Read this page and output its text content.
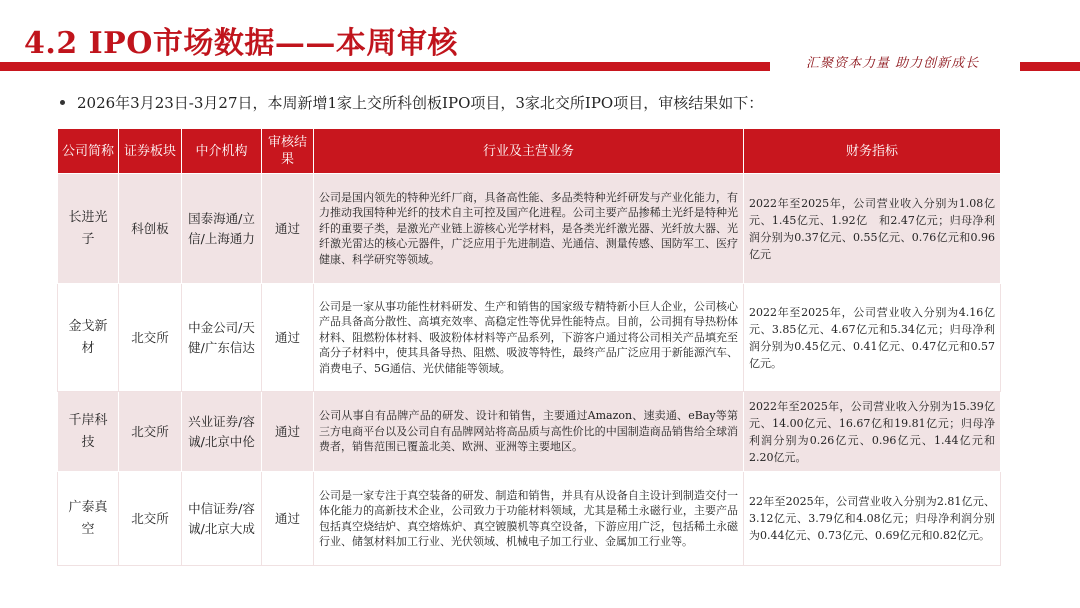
4.2 IPO市场数据——本周审核
汇聚资本力量 助力创新成长
2026年3月23日-3月27日，本周新增1家上交所科创板IPO项目，3家北交所IPO项目，审核结果如下：
公司简称	证券板块	中介机构	审核结果	行业及主营业务	财务指标
长进光子	科创板	国泰海通/立信/上海通力	通过	公司是国内领先的特种光纤厂商，具备高性能、多品类特种光纤研发与产业化能力，有力推动我国特种光纤的技术自主可控及国产化进程。公司主要产品掺稀土光纤是特种光纤的重要子类，是激光产业链上游核心光学材料，是各类光纤激光器、光纤放大器、光纤激光雷达的核心元器件，广泛应用于先进制造、光通信、测量传感、国防军工、医疗健康、科学研究等领域。	2022年至2025年，公司营业收入分别为1.08亿元、1.45亿元、1.92亿　和2.47亿元；归母净利润分别为0.37亿元、0.55亿元、0.76亿元和0.96亿元
金戈新材	北交所	中金公司/天健/广东信达	通过	公司是一家从事功能性材料研发、生产和销售的国家级专精特新小巨人企业，公司核心产品具备高分散性、高填充效率、高稳定性等优异性能特点。目前，公司拥有导热粉体材料、阻燃粉体材料、吸波粉体材料等产品系列，下游客户通过将公司相关产品填充至高分子材料中，使其具备导热、阻燃、吸波等特性，最终产品广泛应用于新能源汽车、消费电子、5G通信、光伏储能等领域。	2022年至2025年，公司营业收入分别为4.16亿元、3.85亿元、4.67亿元和5.34亿元；归母净利润分别为0.45亿元、0.41亿元、0.47亿元和0.57亿元。
千岸科技	北交所	兴业证券/容诚/北京中伦	通过	公司从事自有品牌产品的研发、设计和销售，主要通过Amazon、速卖通、eBay等第三方电商平台以及公司自有品牌网站将高品质与高性价比的中国制造商品销售给全球消费者，销售范围已覆盖北美、欧洲、亚洲等主要地区。	2022年至2025年，公司营业收入分别为15.39亿元、14.00亿元、16.67亿和19.81亿元；归母净利润分别为0.26亿元、0.96亿元、1.44亿元和2.20亿元。
广泰真空	北交所	中信证券/容诚/北京大成	通过	公司是一家专注于真空装备的研发、制造和销售，并具有从设备自主设计到制造交付一体化能力的高新技术企业，公司致力于功能材料领域，尤其是稀土永磁行业，主要产品包括真空烧结炉、真空熔炼炉、真空镀膜机等真空设备，下游应用广泛，包括稀土永磁行业、储氢材料加工行业、光伏领域、机械电子加工行业、金属加工行业等。	22年至2025年，公司营业收入分别为2.81亿元、3.12亿元、3.79亿和4.08亿元；归母净利润分别为0.44亿元、0.73亿元、0.69亿元和0.82亿元。
